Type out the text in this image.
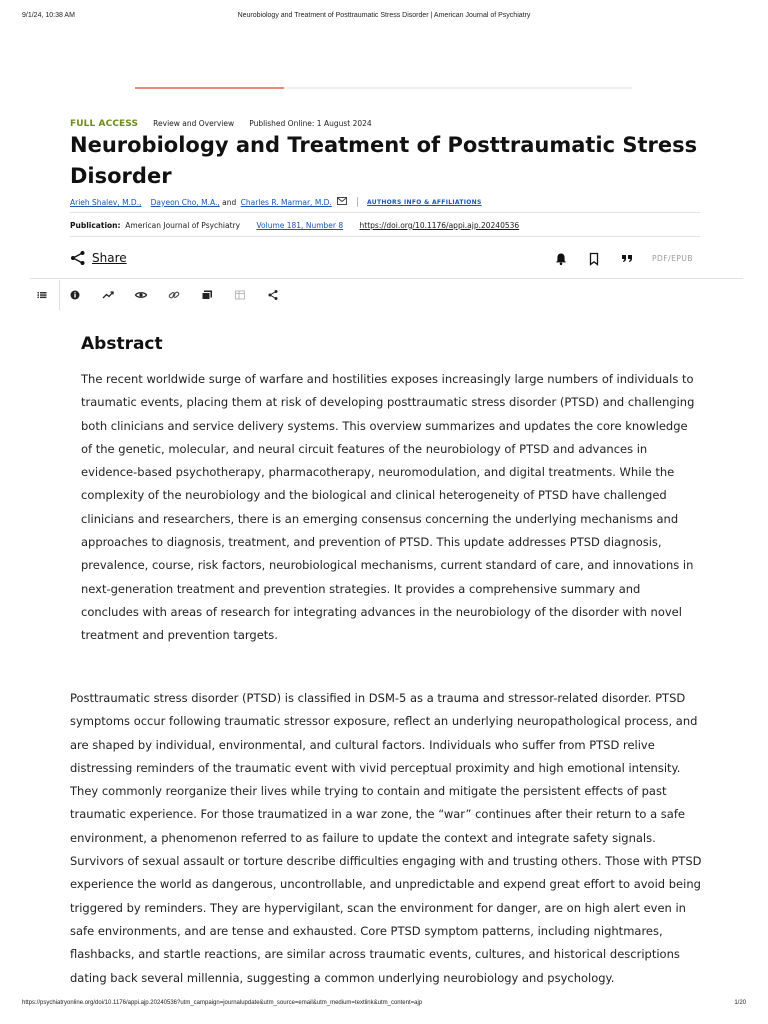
9/1/24, 10:38 AM	Neurobiology and Treatment of Posttraumatic Stress Disorder | American Journal of Psychiatry
FULL ACCESS Review and Overview Published Online: 1 August 2024
Neurobiology and Treatment of Posttraumatic Stress Disorder
Arieh Shalev, M.D., Dayeon Cho, M.A., and Charles R. Marmar, M.D.	AUTHORS INFO & AFFILIATIONS
Publication: American Journal of Psychiatry Volume 181, Number 8 https://doi.org/10.1176/appi.ajp.20240536
Share	PDF/EPUB
Abstract

The recent worldwide surge of warfare and hostilities exposes increasingly large numbers of individuals to traumatic events, placing them at risk of developing posttraumatic stress disorder (PTSD) and challenging both clinicians and service delivery systems. This overview summarizes and updates the core knowledge of the genetic, molecular, and neural circuit features of the neurobiology of PTSD and advances in evidence-based psychotherapy, pharmacotherapy, neuromodulation, and digital treatments. While the complexity of the neurobiology and the biological and clinical heterogeneity of PTSD have challenged clinicians and researchers, there is an emerging consensus concerning the underlying mechanisms and approaches to diagnosis, treatment, and prevention of PTSD. This update addresses PTSD diagnosis, prevalence, course, risk factors, neurobiological mechanisms, current standard of care, and innovations in next-generation treatment and prevention strategies. It provides a comprehensive summary and concludes with areas of research for integrating advances in the neurobiology of the disorder with novel treatment and prevention targets.

Posttraumatic stress disorder (PTSD) is classified in DSM-5 as a trauma and stressor-related disorder. PTSD symptoms occur following traumatic stressor exposure, reflect an underlying neuropathological process, and are shaped by individual, environmental, and cultural factors. Individuals who suffer from PTSD relive distressing reminders of the traumatic event with vivid perceptual proximity and high emotional intensity. They commonly reorganize their lives while trying to contain and mitigate the persistent effects of past traumatic experience. For those traumatized in a war zone, the “war” continues after their return to a safe environment, a phenomenon referred to as failure to update the context and integrate safety signals. Survivors of sexual assault or torture describe difficulties engaging with and trusting others. Those with PTSD experience the world as dangerous, uncontrollable, and unpredictable and expend great effort to avoid being triggered by reminders. They are hypervigilant, scan the environment for danger, are on high alert even in safe environments, and are tense and exhausted. Core PTSD symptom patterns, including nightmares, flashbacks, and startle reactions, are similar across traumatic events, cultures, and historical descriptions dating back several millennia, suggesting a common underlying neurobiology and psychology.

https://psychiatryonline.org/doi/10.1176/appi.ajp.20240536?utm_campaign=journalupdate&utm_source=email&utm_medium=textlink&utm_content=ajp	1/20
